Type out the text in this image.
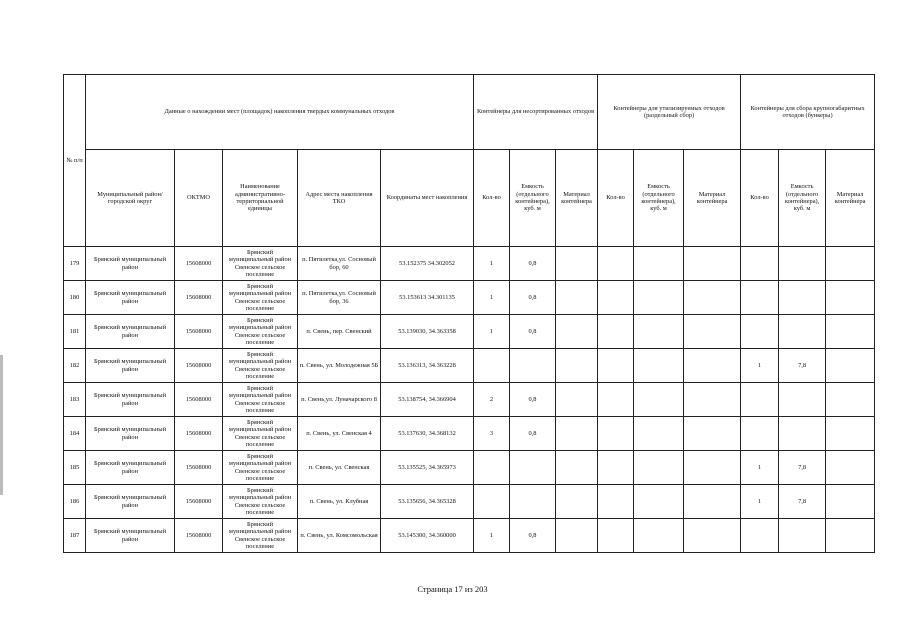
№ п/п	Данные о нахождении мест (площадок) накопления твердых коммунальных отходов					Контейнеры для несортированных отходов			Контейнеры для утилизируемых отходов (раздельный сбор)			Контейнеры для сбора крупногабаритных отходов (бункеры)		
	Муниципальный район/городской округ	ОКТМО	Наименование административно-территориальной единицы	Адрес места накопления ТКО	Координаты мест накопления	Кол-во	Емкость (отдельного контейнера), куб. м	Материал контейнера	Кол-во	Емкость (отдельного контейнера), куб. м	Материал контейнера	Кол-во	Емкость (отдельного контейнера), куб. м	Материал контейнера
179	Брянский муниципальный район	15608000	Брянский муниципальный район Свенское сельское поселение	п. Пятилетка,ул. Сосновый бор, 60	53.152375 34.302052	1	0,8							
180	Брянский муниципальный район	15608000	Брянский муниципальный район Свенское сельское поселение	п. Пятилетка,ул. Сосновый бор, 36	53.153613 34.301135	1	0,8							
181	Брянский муниципальный район	15608000	Брянский муниципальный район Свенское сельское поселение	п. Свень, пер. Свенский	53.139030, 34.363358	1	0,8							
182	Брянский муниципальный район	15608000	Брянский муниципальный район Свенское сельское поселение	п. Свень, ул. Молодежная 5Б	53.136313, 34.363228							1	7,8	
183	Брянский муниципальный район	15608000	Брянский муниципальный район Свенское сельское поселение	п. Свень,ул. Луначарского 8	53.138754, 34.366904	2	0,8							
184	Брянский муниципальный район	15608000	Брянский муниципальный район Свенское сельское поселение	п. Свень, ул. Свенская 4	53.137630, 34.368132	3	0,8							
185	Брянский муниципальный район	15608000	Брянский муниципальный район Свенское сельское поселение	п. Свень, ул. Свенская	53.135525, 34.365973							1	7,8	
186	Брянский муниципальный район	15608000	Брянский муниципальный район Свенское сельское поселение	п. Свень, ул. Клубная	53.135656, 34.365328							1	7,8	
187	Брянский муниципальный район	15608000	Брянский муниципальный район Свенское сельское поселение	п. Свень, ул. Комсомольская	53.145300, 34.360000	1	0,8							
Страница 17 из 203
